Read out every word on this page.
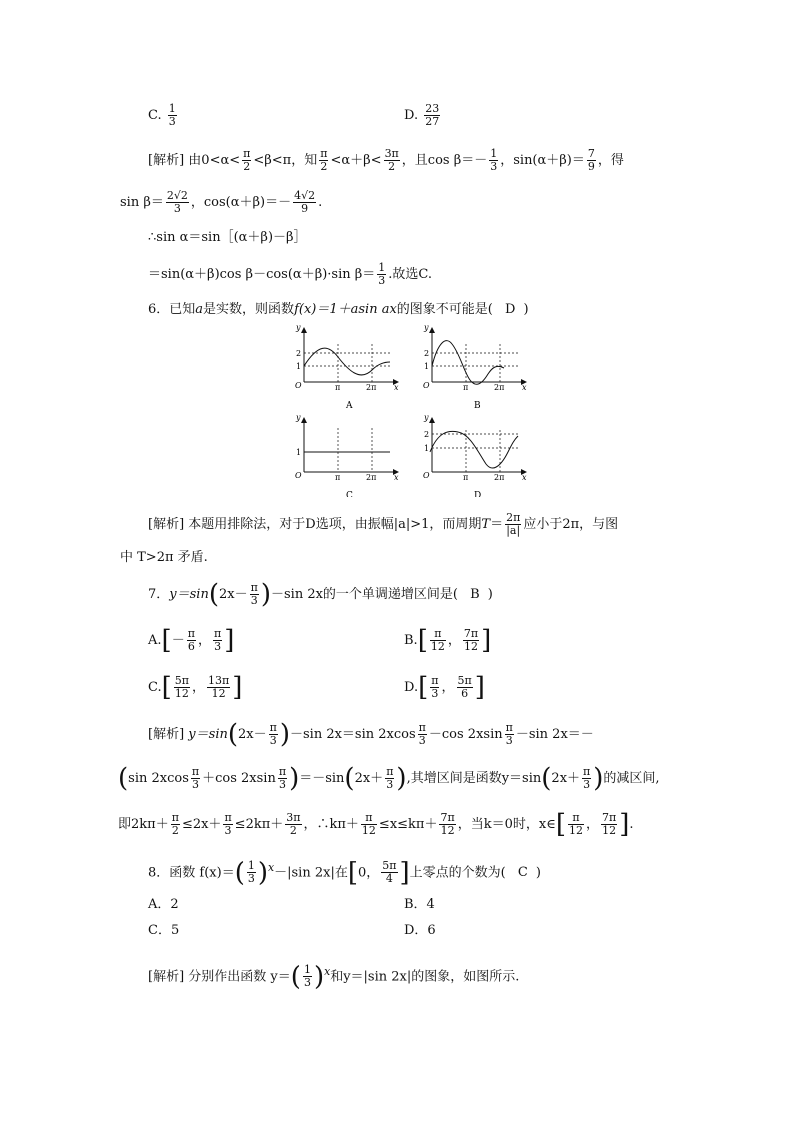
C. $\frac{1}{3}$	D. $\frac{23}{27}$
[解析] 由$0<\alpha< \frac{\pi}{2} <\beta<\pi$，知 $\frac{\pi}{2} <\alpha+\beta< \frac{3\pi}{2}$ ，且$\cos \beta=- \frac{1}{3}$ ，$\sin(\alpha+\beta)= \frac{7}{9}$ ，得
$\sin \beta= \frac{2√2}{3}$ ，$\cos(\alpha+\beta)=- \frac{4√2}{9}$ .
∴sin α＝sin［(α＋β)－β］
＝sin(α＋β)cos β－cos(α＋β)·sin $\beta= \frac{1}{3}$ .故选C.
6．已知a是实数，则函数f(x)＝1＋asin ax的图象不可能是( D )
y
x
O
2
1
π	2π
A
y
x
O
2
1
π	2π
B
y
x
O
1
π	2π
C
y
x
O
2
1
π	2π
D
[解析] 本题用排除法，对于D选项，由振幅|a|>1，而周期$T= \frac{2\pi}{|a|}$ 应小于2π，与图
中 T>2π 矛盾.
7．$y=\sin(2x- \frac{\pi}{3} )-\sin$ 2x的一个单调递增区间是( B )
$A.[- \frac{\pi}{6}$ ， $\frac{\pi}{3}$ ]	$B.[ \frac{\pi}{12}$ ， $\frac{7\pi}{12}$ ]
$C.[ \frac{5\pi}{12}$ ， $\frac{13\pi}{12}$ ]	$D.[ \frac{\pi}{3}$ ， $\frac{5\pi}{6}$ ]
[解析] $y=\sin(2x- \frac{\pi}{3} )-\sin$ 2x＝sin $2xcos \frac{\pi}{3} -\cos$ $2xsin \frac{\pi}{3} -\sin$ 2x＝－
(sin $2xcos \frac{\pi}{3} +\cos$ $2xsin \frac{\pi}{3} )=-\sin(2x+ \frac{\pi}{3}$ ),其增区间是函数$y=\sin(2x+ \frac{\pi}{3}$ )的减区间,
即$2k\pi+ \frac{\pi}{2} \le 2x+ \frac{\pi}{3} \le 2k\pi+ \frac{3\pi}{2}$ ，∴kπ＋ $\frac{\pi}{12} \le x\le k\pi+ \frac{7\pi}{12}$ ，当k＝0时，x∈[ $\frac{\pi}{12}$ ， $\frac{7\pi}{12}$ ].
8．函数 $f(x)=( \frac{1}{3} )^x-|\sin$ 2x|在[0， $\frac{5\pi}{4}$ ]上零点的个数为( C )
A．2	B．4
C．5	D．6
[解析] 分别作出函数 $y=( \frac{1}{3} )^x$和y＝|sin 2x|的图象，如图所示.
